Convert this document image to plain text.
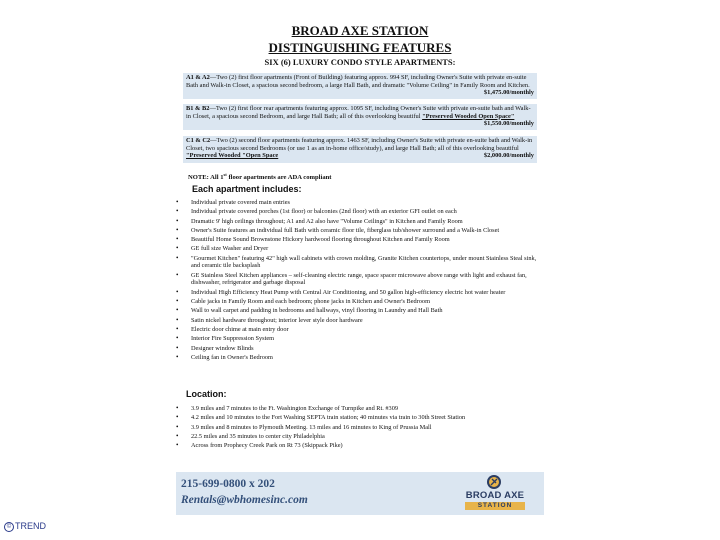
BROAD AXE STATION
DISTINGUISHING FEATURES
SIX (6) LUXURY CONDO STYLE APARTMENTS:
A1 & A2—Two (2) first floor apartments (Front of Building) featuring approx. 994 SF, including Owner's Suite with private en-suite Bath and Walk-in Closet, a spacious second bedroom, a large Hall Bath, and dramatic "Volume Ceiling" in Family Room and Kitchen.
$1,475.00/monthly
B1 & B2—Two (2) first floor rear apartments featuring approx. 1095 SF, including Owner's Suite with private en-suite bath and Walk-in Closet, a spacious second Bedroom, and large Hall Bath; all of this overlooking beautiful "Preserved Wooded Open Space"
$1,550.00/monthly
C1 & C2—Two (2) second floor apartments featuring approx. 1463 SF, including Owner's Suite with private en-suite bath and Walk-in Closet, two spacious second Bedrooms (or use 1 as an in-home office/study), and large Hall Bath; all of this overlooking beautiful "Preserved Wooded "Open Space	$2,000.00/monthly
NOTE: All 1st floor apartments are ADA compliant
Each apartment includes:
• Individual private covered main entries
• Individual private covered porches (1st floor) or balconies (2nd floor) with an exterior GFI outlet on each
• Dramatic 9' high ceilings throughout; A1 and A2 also have "Volume Ceilings" in Kitchen and Family Room
• Owner's Suite features an individual full Bath with ceramic floor tile, fiberglass tub/shower surround and a Walk-in Closet
• Beautiful Home Sound Brownstone Hickory hardwood flooring throughout Kitchen and Family Room
• GE full size Washer and Dryer
• "Gourmet Kitchen" featuring 42" high wall cabinets with crown molding, Granite Kitchen countertops, under mount Stainless Steal sink, and ceramic tile backsplash
• GE Stainless Steel Kitchen appliances – self-cleaning electric range, space spacer microwave above range with light and exhaust fan, dishwasher, refrigerator and garbage disposal
• Individual High Efficiency Heat Pump with Central Air Conditioning, and 50 gallon high-efficiency electric hot water heater
• Cable jacks in Family Room and each bedroom; phone jacks in Kitchen and Owner's Bedroom
• Wall to wall carpet and padding in bedrooms and hallways, vinyl flooring in Laundry and Hall Bath
• Satin nickel hardware throughout; interior lever style door hardware
• Electric door chime at main entry door
• Interior Fire Suppression System
• Designer window Blinds
• Ceiling fan in Owner's Bedroom
Location:
• 3.9 miles and 7 minutes to the Ft. Washington Exchange of Turnpike and Rt. #309
• 4.2 miles and 10 minutes to the Fort Washing SEPTA train station; 40 minutes via train to 30th Street Station
• 3.9 miles and 8 minutes to Plymouth Meeting. 13 miles and 16 minutes to King of Prussia Mall
• 22.5 miles and 35 minutes to center city Philadelphia
• Across from Prophecy Creek Park on Rt 73 (Skippack Pike)
215-699-0800 x 202
Rentals@wbhomesinc.com	BROAD AXE
STATION
© TREND
